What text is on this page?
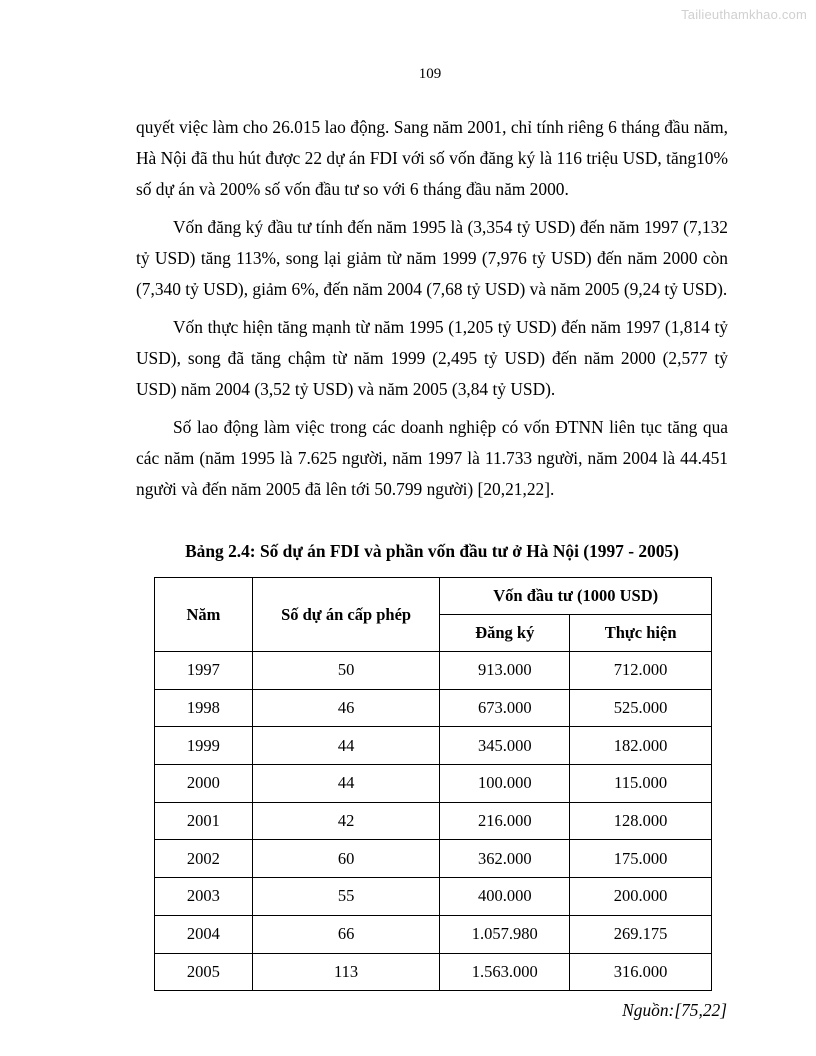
Tailieuthamkhao.com
109

quyết việc làm cho 26.015 lao động. Sang năm 2001, chỉ tính riêng 6 tháng đầu năm, Hà Nội đã thu hút được 22 dự án FDI với số vốn đăng ký là 116 triệu USD, tăng10% số dự án và 200% số vốn đầu tư so với 6 tháng đầu năm 2000.

Vốn đăng ký đầu tư tính đến năm 1995 là (3,354 tỷ USD) đến năm 1997 (7,132 tỷ USD) tăng 113%, song lại giảm từ năm 1999 (7,976 tỷ USD) đến năm 2000 còn (7,340 tỷ USD), giảm 6%, đến năm 2004 (7,68 tỷ USD) và năm 2005 (9,24 tỷ USD).

Vốn thực hiện tăng mạnh từ năm 1995 (1,205 tỷ USD) đến năm 1997 (1,814 tỷ USD), song đã tăng chậm từ năm 1999 (2,495 tỷ USD) đến năm 2000 (2,577 tỷ USD) năm 2004 (3,52 tỷ USD) và năm 2005 (3,84 tỷ USD).

Số lao động làm việc trong các doanh nghiệp có vốn ĐTNN liên tục tăng qua các năm (năm 1995 là 7.625 người, năm 1997 là 11.733 người, năm 2004 là 44.451 người và đến năm 2005 đã lên tới 50.799 người) [20,21,22].

Bảng 2.4: Số dự án FDI và phần vốn đầu tư ở Hà Nội (1997 - 2005)
Năm	Số dự án cấp phép	Vốn đầu tư (1000 USD)	
		Đăng ký	Thực hiện
1997	50	913.000	712.000
1998	46	673.000	525.000
1999	44	345.000	182.000
2000	44	100.000	115.000
2001	42	216.000	128.000
2002	60	362.000	175.000
2003	55	400.000	200.000
2004	66	1.057.980	269.175
2005	113	1.563.000	316.000
Nguồn:[75,22]
